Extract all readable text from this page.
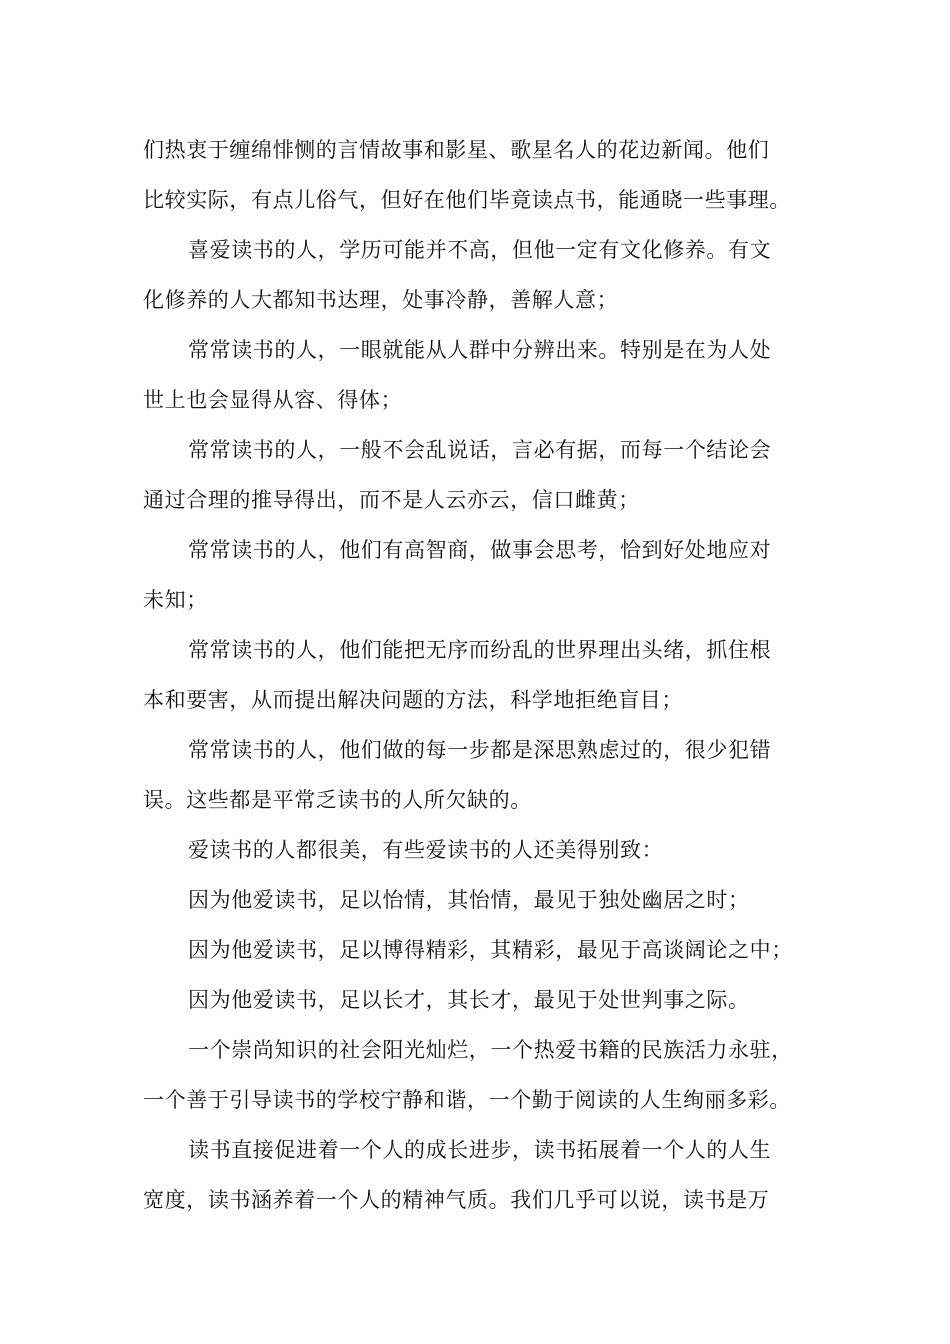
们热衷于缠绵悱恻的言情故事和影星、歌星名人的花边新闻。他们
比较实际，有点儿俗气，但好在他们毕竟读点书，能通晓一些事理。
喜爱读书的人，学历可能并不高，但他一定有文化修养。有文
化修养的人大都知书达理，处事冷静，善解人意；
常常读书的人，一眼就能从人群中分辨出来。特别是在为人处
世上也会显得从容、得体；
常常读书的人，一般不会乱说话，言必有据，而每一个结论会
通过合理的推导得出，而不是人云亦云，信口雌黄；
常常读书的人，他们有高智商，做事会思考，恰到好处地应对
未知；
常常读书的人，他们能把无序而纷乱的世界理出头绪，抓住根
本和要害，从而提出解决问题的方法，科学地拒绝盲目；
常常读书的人，他们做的每一步都是深思熟虑过的，很少犯错
误。这些都是平常乏读书的人所欠缺的。
爱读书的人都很美，有些爱读书的人还美得别致：
因为他爱读书，足以怡情，其怡情，最见于独处幽居之时；
因为他爱读书，足以博得精彩，其精彩，最见于高谈阔论之中；
因为他爱读书，足以长才，其长才，最见于处世判事之际。
一个崇尚知识的社会阳光灿烂，一个热爱书籍的民族活力永驻，
一个善于引导读书的学校宁静和谐，一个勤于阅读的人生绚丽多彩。
读书直接促进着一个人的成长进步，读书拓展着一个人的人生
宽度，读书涵养着一个人的精神气质。我们几乎可以说，读书是万
